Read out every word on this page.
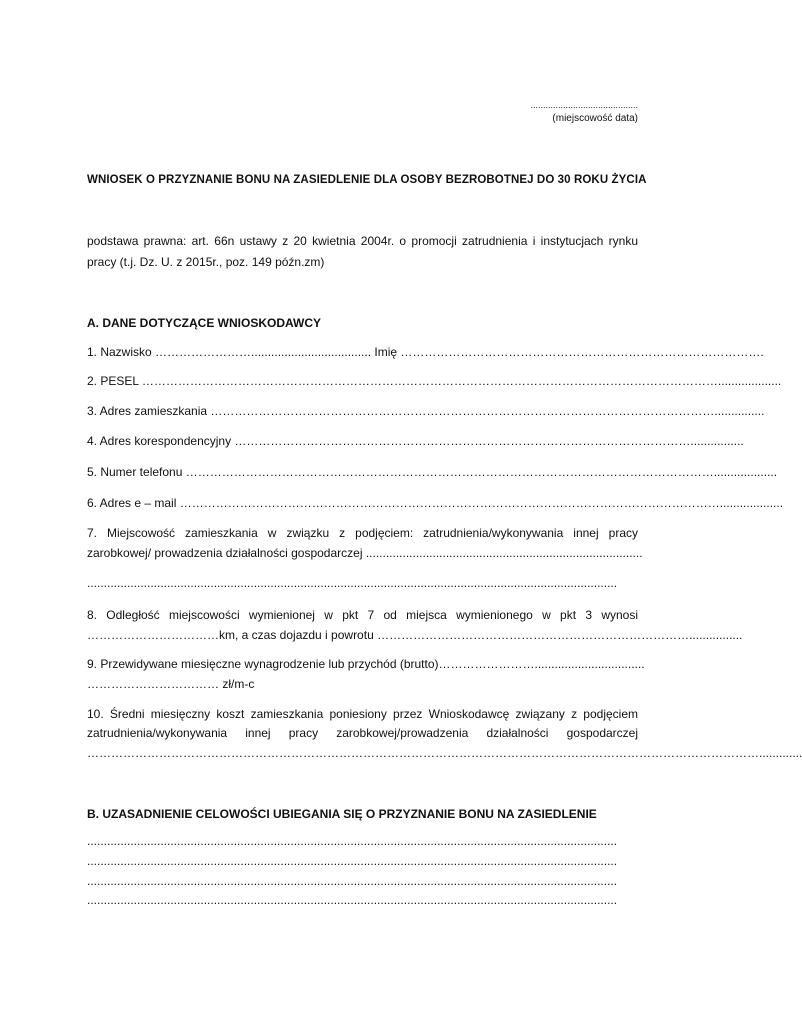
...........................................
(miejscowość data)
WNIOSEK O PRZYZNANIE BONU NA ZASIEDLENIE DLA OSOBY BEZROBOTNEJ DO 30 ROKU ŻYCIA
podstawa prawna: art. 66n ustawy z 20 kwietnia 2004r. o promocji zatrudnienia i instytucjach rynku
pracy (t.j. Dz. U. z 2015r., poz. 149 późn.zm)
A. DANE DOTYCZĄCE WNIOSKODAWCY
1. Nazwisko …………………….................................... Imię ……………………………………………………………………………….
2. PESEL ………………………………………………………………………………………………………………………………...................
3. Adres zamieszkania ………………………………………………………………………………………………………………...............
4. Adres korespondencyjny ……………………………………………………………………………………………………................
5. Numer telefonu ……………………………………………………………………………………………………………………...................
6. Adres e – mail ………………………………………………………………………………………………………………………...................
7. Miejscowość zamieszkania w związku z podjęciem: zatrudnienia/wykonywania innej pracy
zarobkowej/ prowadzenia działalności gospodarczej ...................................................................................
...............................................................................................................................................................
8. Odległość miejscowości wymienionej w pkt 7 od miejsca wymienionego w pkt 3 wynosi
……………………………km, a czas dojazdu i powrotu ……………………………………………………………………................
9. Przewidywane miesięczne wynagrodzenie lub przychód (brutto)…………………….................................
…………………………… zł/m-c
10. Średni miesięczny koszt zamieszkania poniesiony przez Wnioskodawcę związany z podjęciem
zatrudnienia/wykonywania innej pracy zarobkowej/prowadzenia działalności gospodarczej
…………………………………………………………………………………………………………………………………………………….............
B. UZASADNIENIE CELOWOŚCI UBIEGANIA SIĘ O PRZYZNANIE BONU NA ZASIEDLENIE
...............................................................................................................................................................
...............................................................................................................................................................
...............................................................................................................................................................
...............................................................................................................................................................
